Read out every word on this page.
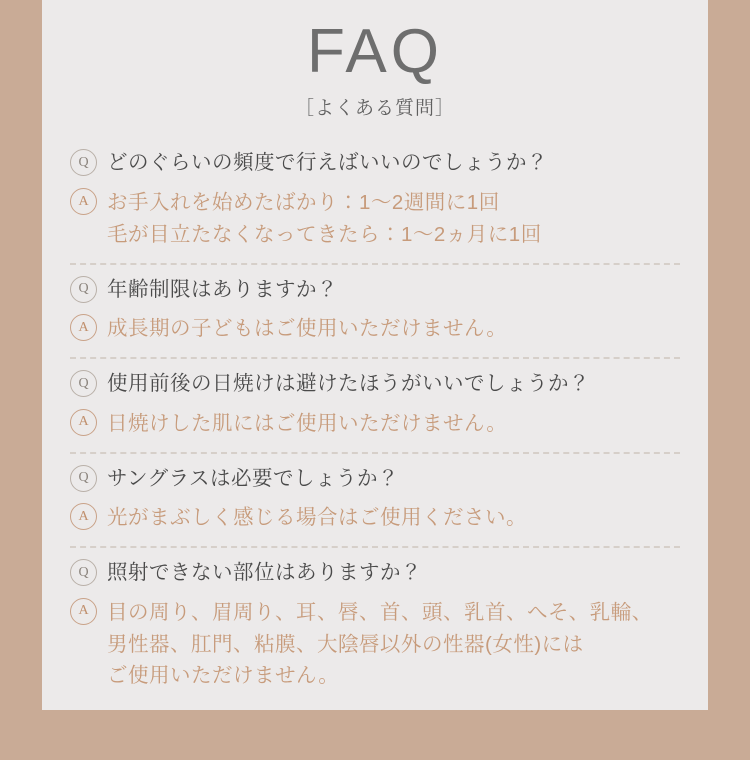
FAQ
［よくある質問］
Q どのぐらいの頻度で行えばいいのでしょうか？
A お手入れを始めたばかり：1〜2週間に1回
毛が目立たなくなってきたら：1〜2ヵ月に1回
Q 年齢制限はありますか？
A 成長期の子どもはご使用いただけません。
Q 使用前後の日焼けは避けたほうがいいでしょうか？
A 日焼けした肌にはご使用いただけません。
Q サングラスは必要でしょうか？
A 光がまぶしく感じる場合はご使用ください。
Q 照射できない部位はありますか？
A 目の周り、眉周り、耳、唇、首、頭、乳首、へそ、乳輪、
男性器、肛門、粘膜、大陰唇以外の性器(女性)には
ご使用いただけません。
